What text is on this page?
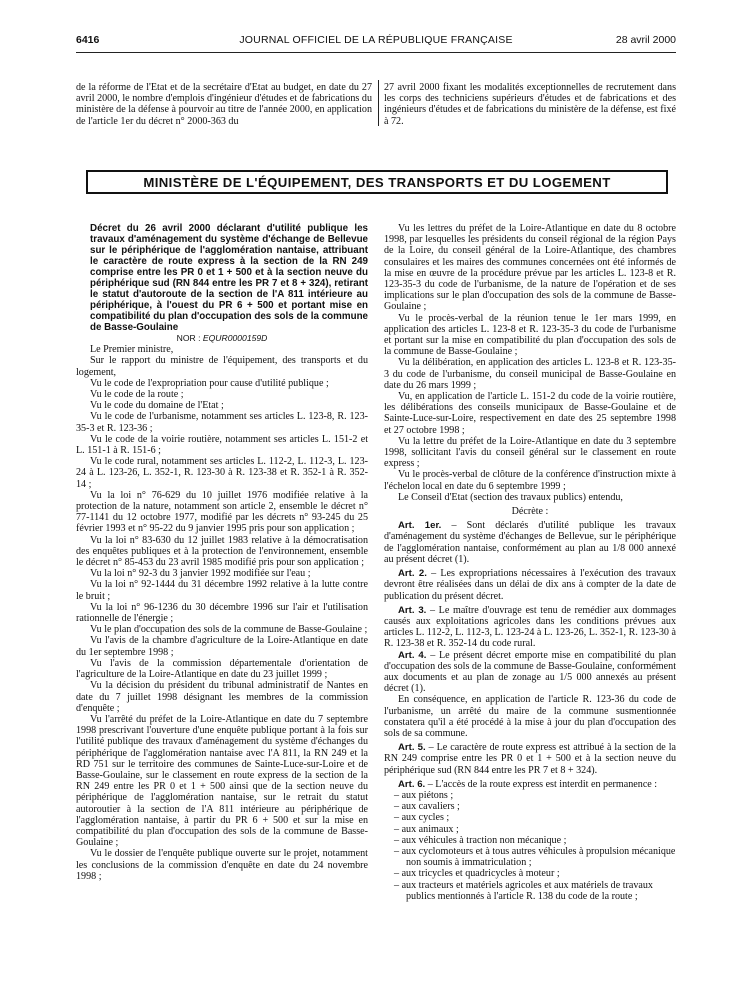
6416	JOURNAL OFFICIEL DE LA RÉPUBLIQUE FRANÇAISE	28 avril 2000

de la réforme de l'Etat et de la secrétaire d'Etat au budget, en date du 27 avril 2000, le nombre d'emplois d'ingénieur d'études et de fabrications du ministère de la défense à pourvoir au titre de l'année 2000, en application de l'article 1er du décret n° 2000-363 du

27 avril 2000 fixant les modalités exceptionnelles de recrutement dans les corps des techniciens supérieurs d'études et de fabrications et des ingénieurs d'études et de fabrications du ministère de la défense, est fixé à 72.

MINISTÈRE DE L'ÉQUIPEMENT, DES TRANSPORTS ET DU LOGEMENT

Décret du 26 avril 2000 déclarant d'utilité publique les travaux d'aménagement du système d'échange de Bellevue sur le périphérique de l'agglomération nantaise, attribuant le caractère de route express à la section de la RN 249 comprise entre les PR 0 et 1 + 500 et à la section neuve du périphérique sud (RN 844 entre les PR 7 et 8 + 324), retirant le statut d'autoroute de la section de l'A 811 intérieure au périphérique, à l'ouest du PR 6 + 500 et portant mise en compatibilité du plan d'occupation des sols de la commune de Basse-Goulaine

NOR : EQUR0000159D

Le Premier ministre,

Sur le rapport du ministre de l'équipement, des transports et du logement,

Vu le code de l'expropriation pour cause d'utilité publique ;

Vu le code de la route ;

Vu le code du domaine de l'Etat ;

Vu le code de l'urbanisme, notamment ses articles L. 123-8, R. 123-35-3 et R. 123-36 ;

Vu le code de la voirie routière, notamment ses articles L. 151-2 et L. 151-1 à R. 151-6 ;

Vu le code rural, notamment ses articles L. 112-2, L. 112-3, L. 123-24 à L. 123-26, L. 352-1, R. 123-30 à R. 123-38 et R. 352-1 à R. 352-14 ;

Vu la loi n° 76-629 du 10 juillet 1976 modifiée relative à la protection de la nature, notamment son article 2, ensemble le décret n° 77-1141 du 12 octobre 1977, modifié par les décrets n° 93-245 du 25 février 1993 et n° 95-22 du 9 janvier 1995 pris pour son application ;

Vu la loi n° 83-630 du 12 juillet 1983 relative à la démocratisation des enquêtes publiques et à la protection de l'environnement, ensemble le décret n° 85-453 du 23 avril 1985 modifié pris pour son application ;

Vu la loi n° 92-3 du 3 janvier 1992 modifiée sur l'eau ;

Vu la loi n° 92-1444 du 31 décembre 1992 relative à la lutte contre le bruit ;

Vu la loi n° 96-1236 du 30 décembre 1996 sur l'air et l'utilisation rationnelle de l'énergie ;

Vu le plan d'occupation des sols de la commune de Basse-Goulaine ;

Vu l'avis de la chambre d'agriculture de la Loire-Atlantique en date du 1er septembre 1998 ;

Vu l'avis de la commission départementale d'orientation de l'agriculture de la Loire-Atlantique en date du 23 juillet 1999 ;

Vu la décision du président du tribunal administratif de Nantes en date du 7 juillet 1998 désignant les membres de la commission d'enquête ;

Vu l'arrêté du préfet de la Loire-Atlantique en date du 7 septembre 1998 prescrivant l'ouverture d'une enquête publique portant à la fois sur l'utilité publique des travaux d'aménagement du système d'échanges du périphérique de l'agglomération nantaise avec l'A 811, la RN 249 et la RD 751 sur le territoire des communes de Sainte-Luce-sur-Loire et de Basse-Goulaine, sur le classement en route express de la section de la RN 249 entre les PR 0 et 1 + 500 ainsi que de la section neuve du périphérique de l'agglomération nantaise, sur le retrait du statut autoroutier à la section de l'A 811 intérieure au périphérique de l'agglomération nantaise, à partir du PR 6 + 500 et sur la mise en compatibilité du plan d'occupation des sols de la commune de Basse-Goulaine ;

Vu le dossier de l'enquête publique ouverte sur le projet, notamment les conclusions de la commission d'enquête en date du 24 novembre 1998 ;

Vu les lettres du préfet de la Loire-Atlantique en date du 8 octobre 1998, par lesquelles les présidents du conseil régional de la région Pays de la Loire, du conseil général de la Loire-Atlantique, des chambres consulaires et les maires des communes concernées ont été informés de la mise en œuvre de la procédure prévue par les articles L. 123-8 et R. 123-35-3 du code de l'urbanisme, de la nature de l'opération et de ses implications sur le plan d'occupation des sols de la commune de Basse-Goulaine ;

Vu le procès-verbal de la réunion tenue le 1er mars 1999, en application des articles L. 123-8 et R. 123-35-3 du code de l'urbanisme et portant sur la mise en compatibilité du plan d'occupation des sols de la commune de Basse-Goulaine ;

Vu la délibération, en application des articles L. 123-8 et R. 123-35-3 du code de l'urbanisme, du conseil municipal de Basse-Goulaine en date du 26 mars 1999 ;

Vu, en application de l'article L. 151-2 du code de la voirie routière, les délibérations des conseils municipaux de Basse-Goulaine et de Sainte-Luce-sur-Loire, respectivement en date des 25 septembre 1998 et 27 octobre 1998 ;

Vu la lettre du préfet de la Loire-Atlantique en date du 3 septembre 1998, sollicitant l'avis du conseil général sur le classement en route express ;

Vu le procès-verbal de clôture de la conférence d'instruction mixte à l'échelon local en date du 6 septembre 1999 ;

Le Conseil d'Etat (section des travaux publics) entendu,

Décrète :

Art. 1er. – Sont déclarés d'utilité publique les travaux d'aménagement du système d'échanges de Bellevue, sur le périphérique de l'agglomération nantaise, conformément au plan au 1/8 000 annexé au présent décret (1).

Art. 2. – Les expropriations nécessaires à l'exécution des travaux devront être réalisées dans un délai de dix ans à compter de la date de publication du présent décret.

Art. 3. – Le maître d'ouvrage est tenu de remédier aux dommages causés aux exploitations agricoles dans les conditions prévues aux articles L. 112-2, L. 112-3, L. 123-24 à L. 123-26, L. 352-1, R. 123-30 à R. 123-38 et R. 352-14 du code rural.

Art. 4. – Le présent décret emporte mise en compatibilité du plan d'occupation des sols de la commune de Basse-Goulaine, conformément aux documents et au plan de zonage au 1/5 000 annexés au présent décret (1).

En conséquence, en application de l'article R. 123-36 du code de l'urbanisme, un arrêté du maire de la commune susmentionnée constatera qu'il a été procédé à la mise à jour du plan d'occupation des sols de sa commune.

Art. 5. – Le caractère de route express est attribué à la section de la RN 249 comprise entre les PR 0 et 1 + 500 et à la section neuve du périphérique sud (RN 844 entre les PR 7 et 8 + 324).

Art. 6. – L'accès de la route express est interdit en permanence :

– aux piétons ;
– aux cavaliers ;
– aux cycles ;
– aux animaux ;
– aux véhicules à traction non mécanique ;
– aux cyclomoteurs et à tous autres véhicules à propulsion mécanique non soumis à immatriculation ;
– aux tricycles et quadricycles à moteur ;
– aux tracteurs et matériels agricoles et aux matériels de travaux publics mentionnés à l'article R. 138 du code de la route ;
